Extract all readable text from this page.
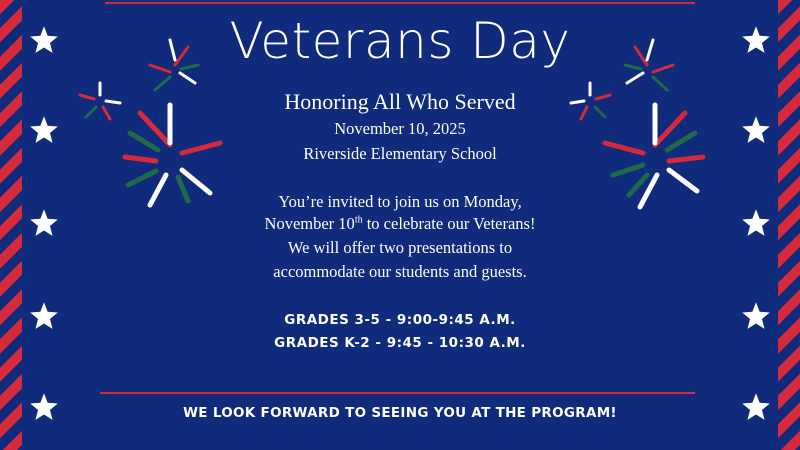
Veterans Day
Honoring All Who Served
November 10, 2025
Riverside Elementary School
You’re invited to join us on Monday,
November 10th to celebrate our Veterans!
We will offer two presentations to
accommodate our students and guests.
GRADES 3-5 - 9:00-9:45 A.M.
GRADES K-2 - 9:45 - 10:30 A.M.
WE LOOK FORWARD TO SEEING YOU AT THE PROGRAM!
